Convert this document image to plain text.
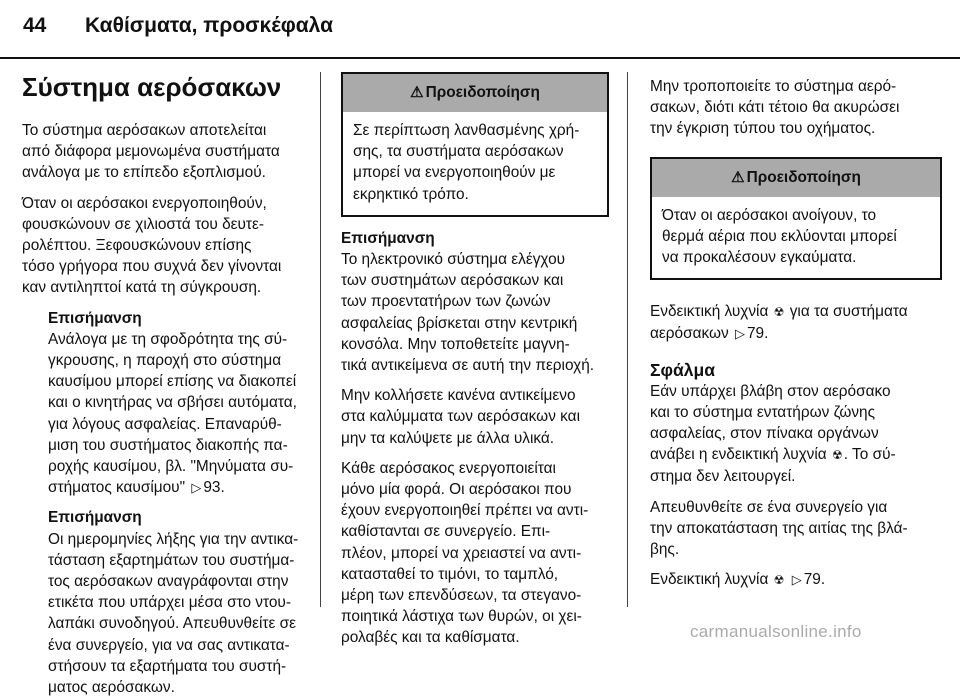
44 Καθίσματα, προσκέφαλα
Σύστημα αερόσακων

Το σύστημα αερόσακων αποτελείται
από διάφορα μεμονωμένα συστήματα
ανάλογα με το επίπεδο εξοπλισμού.

Όταν οι αερόσακοι ενεργοποιηθούν,
φουσκώνουν σε χιλιοστά του δευτε-
ρολέπτου. Ξεφουσκώνουν επίσης
τόσο γρήγορα που συχνά δεν γίνονται
καν αντιληπτοί κατά τη σύγκρουση.

Επισήμανση
Ανάλογα με τη σφοδρότητα της σύ-
γκρουσης, η παροχή στο σύστημα
καυσίμου μπορεί επίσης να διακοπεί
και ο κινητήρας να σβήσει αυτόματα,
για λόγους ασφαλείας. Επαναρύθ-
μιση του συστήματος διακοπής πα-
ροχής καυσίμου, βλ. "Μηνύματα συ-
στήματος καυσίμου" ▷ 93.
Επισήμανση
Οι ημερομηνίες λήξης για την αντικα-
τάσταση εξαρτημάτων του συστήμα-
τος αερόσακων αναγράφονται στην
ετικέτα που υπάρχει μέσα στο ντου-
λαπάκι συνοδηγού. Απευθυνθείτε σε
ένα συνεργείο, για να σας αντικατα-
στήσουν τα εξαρτήματα του συστή-
ματος αερόσακων.
⚠ Προειδοποίηση
Σε περίπτωση λανθασμένης χρή-
σης, τα συστήματα αερόσακων
μπορεί να ενεργοποιηθούν με
εκρηκτικό τρόπο.
Επισήμανση
Το ηλεκτρονικό σύστημα ελέγχου
των συστημάτων αερόσακων και
των προεντατήρων των ζωνών
ασφαλείας βρίσκεται στην κεντρική
κονσόλα. Μην τοποθετείτε μαγνη-
τικά αντικείμενα σε αυτή την περιοχή.

Μην κολλήσετε κανένα αντικείμενο
στα καλύμματα των αερόσακων και
μην τα καλύψετε με άλλα υλικά.

Κάθε αερόσακος ενεργοποιείται
μόνο μία φορά. Οι αερόσακοι που
έχουν ενεργοποιηθεί πρέπει να αντι-
καθίστανται σε συνεργείο. Επι-
πλέον, μπορεί να χρειαστεί να αντι-
κατασταθεί το τιμόνι, το ταμπλό,
μέρη των επενδύσεων, τα στεγανο-
ποιητικά λάστιχα των θυρών, οι χει-
ρολαβές και τα καθίσματα.

Μην τροποποιείτε το σύστημα αερό-
σακων, διότι κάτι τέτοιο θα ακυρώσει
την έγκριση τύπου του οχήματος.

⚠ Προειδοποίηση
Όταν οι αερόσακοι ανοίγουν, το
θερμά αέρια που εκλύονται μπορεί
να προκαλέσουν εγκαύματα.

Ενδεικτική λυχνία ☢ για τα συστήματα
αερόσακων ▷ 79.

Σφάλμα
Εάν υπάρχει βλάβη στον αερόσακο
και το σύστημα εντατήρων ζώνης
ασφαλείας, στον πίνακα οργάνων
ανάβει η ενδεικτική λυχνία ☢. Το σύ-
στημα δεν λειτουργεί.

Απευθυνθείτε σε ένα συνεργείο για
την αποκατάσταση της αιτίας της βλά-
βης.

Ενδεικτική λυχνία ☢ ▷ 79.

carmanualsonline.info
